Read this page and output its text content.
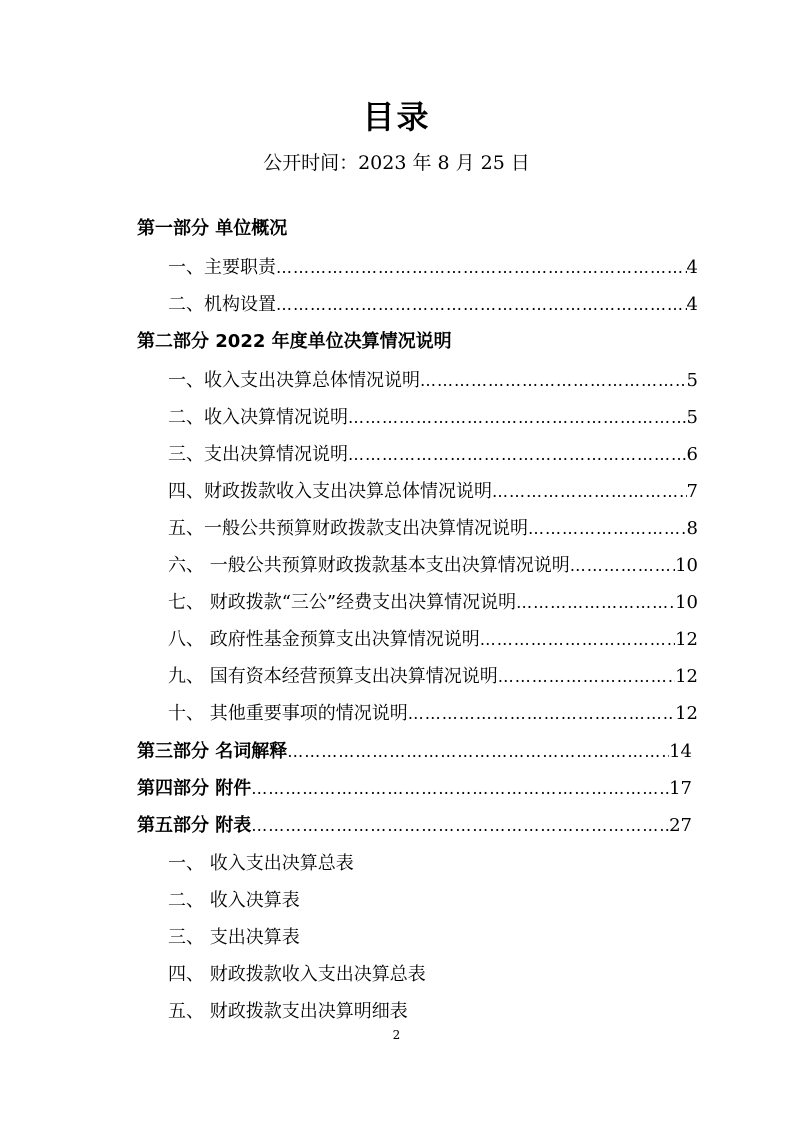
目录
公开时间：2023 年 8 月 25 日
第一部分 单位概况
一、主要职责 ……………………………………………………………………………………………………………………	4
二、机构设置 ……………………………………………………………………………………………………………………	4
第二部分 2022 年度单位决算情况说明
一、收入支出决算总体情况说明 ……………………………………………………………………………………………………………………	5
二、收入决算情况说明 ……………………………………………………………………………………………………………………	5
三、支出决算情况说明 ……………………………………………………………………………………………………………………	6
四、财政拨款收入支出决算总体情况说明 ……………………………………………………………………………………………………………………	7
五、一般公共预算财政拨款支出决算情况说明 ……………………………………………………………………………………………………………………	8
六、 一般公共预算财政拨款基本支出决算情况说明 ……………………………………………………………………………………………………………………	10
七、 财政拨款“三公”经费支出决算情况说明 ……………………………………………………………………………………………………………………	10
八、 政府性基金预算支出决算情况说明 ……………………………………………………………………………………………………………………	12
九、 国有资本经营预算支出决算情况说明 ……………………………………………………………………………………………………………………	12
十、 其他重要事项的情况说明 ……………………………………………………………………………………………………………………	12
第三部分 名词解释 ……………………………………………………………………………………………………………………	14
第四部分 附件 ……………………………………………………………………………………………………………………	17
第五部分 附表 ……………………………………………………………………………………………………………………	27
一、 收入支出决算总表
二、 收入决算表
三、 支出决算表
四、 财政拨款收入支出决算总表
五、 财政拨款支出决算明细表
2
